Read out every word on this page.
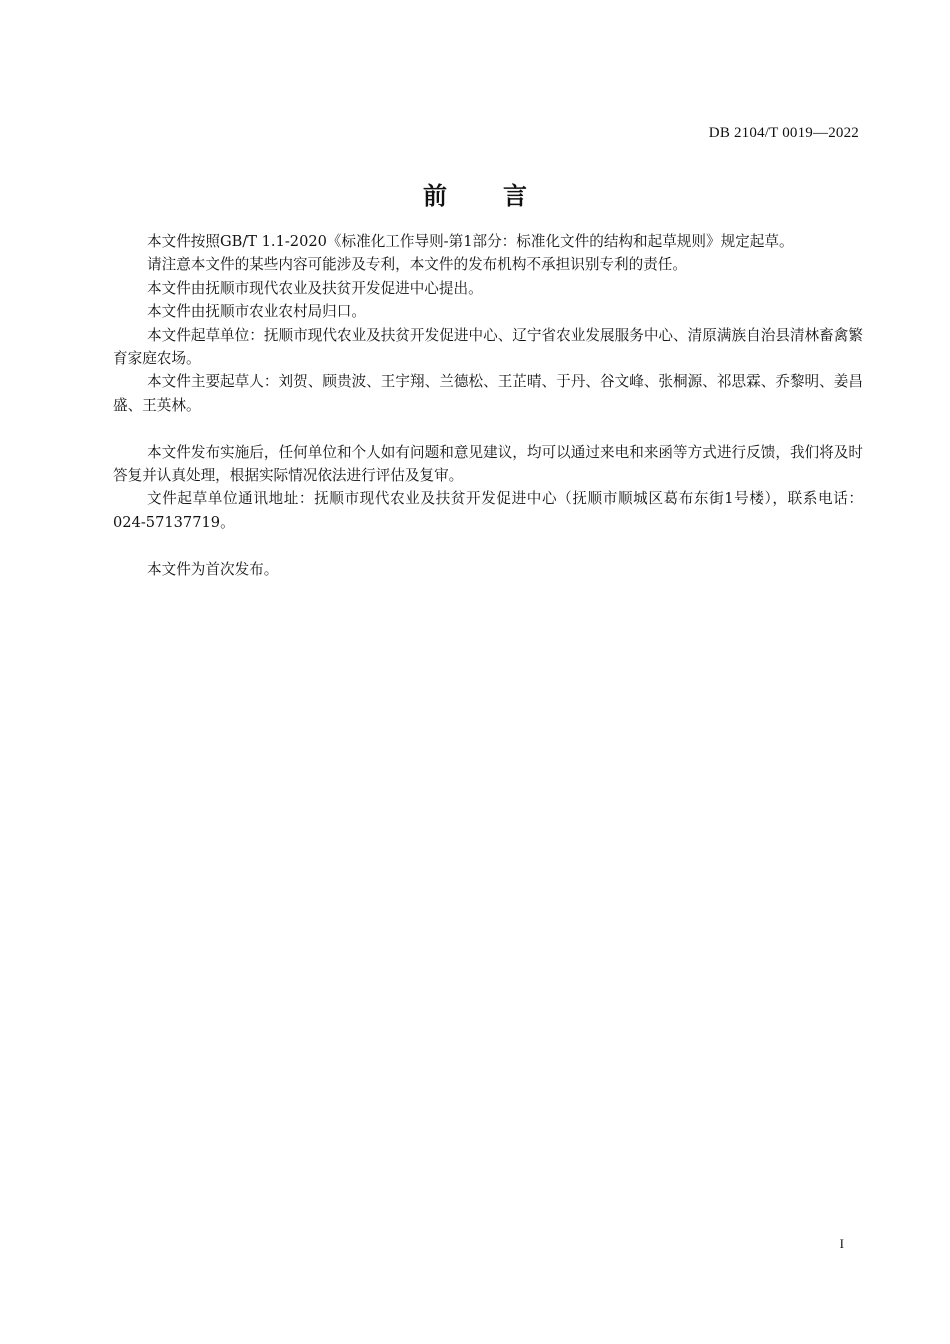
DB 2104/T 0019—2022
前 言

本文件按照GB/T 1.1-2020《标准化工作导则-第1部分：标准化文件的结构和起草规则》规定起草。

请注意本文件的某些内容可能涉及专利，本文件的发布机构不承担识别专利的责任。

本文件由抚顺市现代农业及扶贫开发促进中心提出。

本文件由抚顺市农业农村局归口。

本文件起草单位：抚顺市现代农业及扶贫开发促进中心、辽宁省农业发展服务中心、清原满族自治县清林畜禽繁育家庭农场。

本文件主要起草人：刘贺、顾贵波、王宇翔、兰德松、王芷晴、于丹、谷文峰、张桐源、祁思霖、乔黎明、姜昌盛、王英林。

本文件发布实施后，任何单位和个人如有问题和意见建议，均可以通过来电和来函等方式进行反馈，我们将及时答复并认真处理，根据实际情况依法进行评估及复审。

文件起草单位通讯地址：抚顺市现代农业及扶贫开发促进中心（抚顺市顺城区葛布东街1号楼），联系电话：024-57137719。

本文件为首次发布。

I
